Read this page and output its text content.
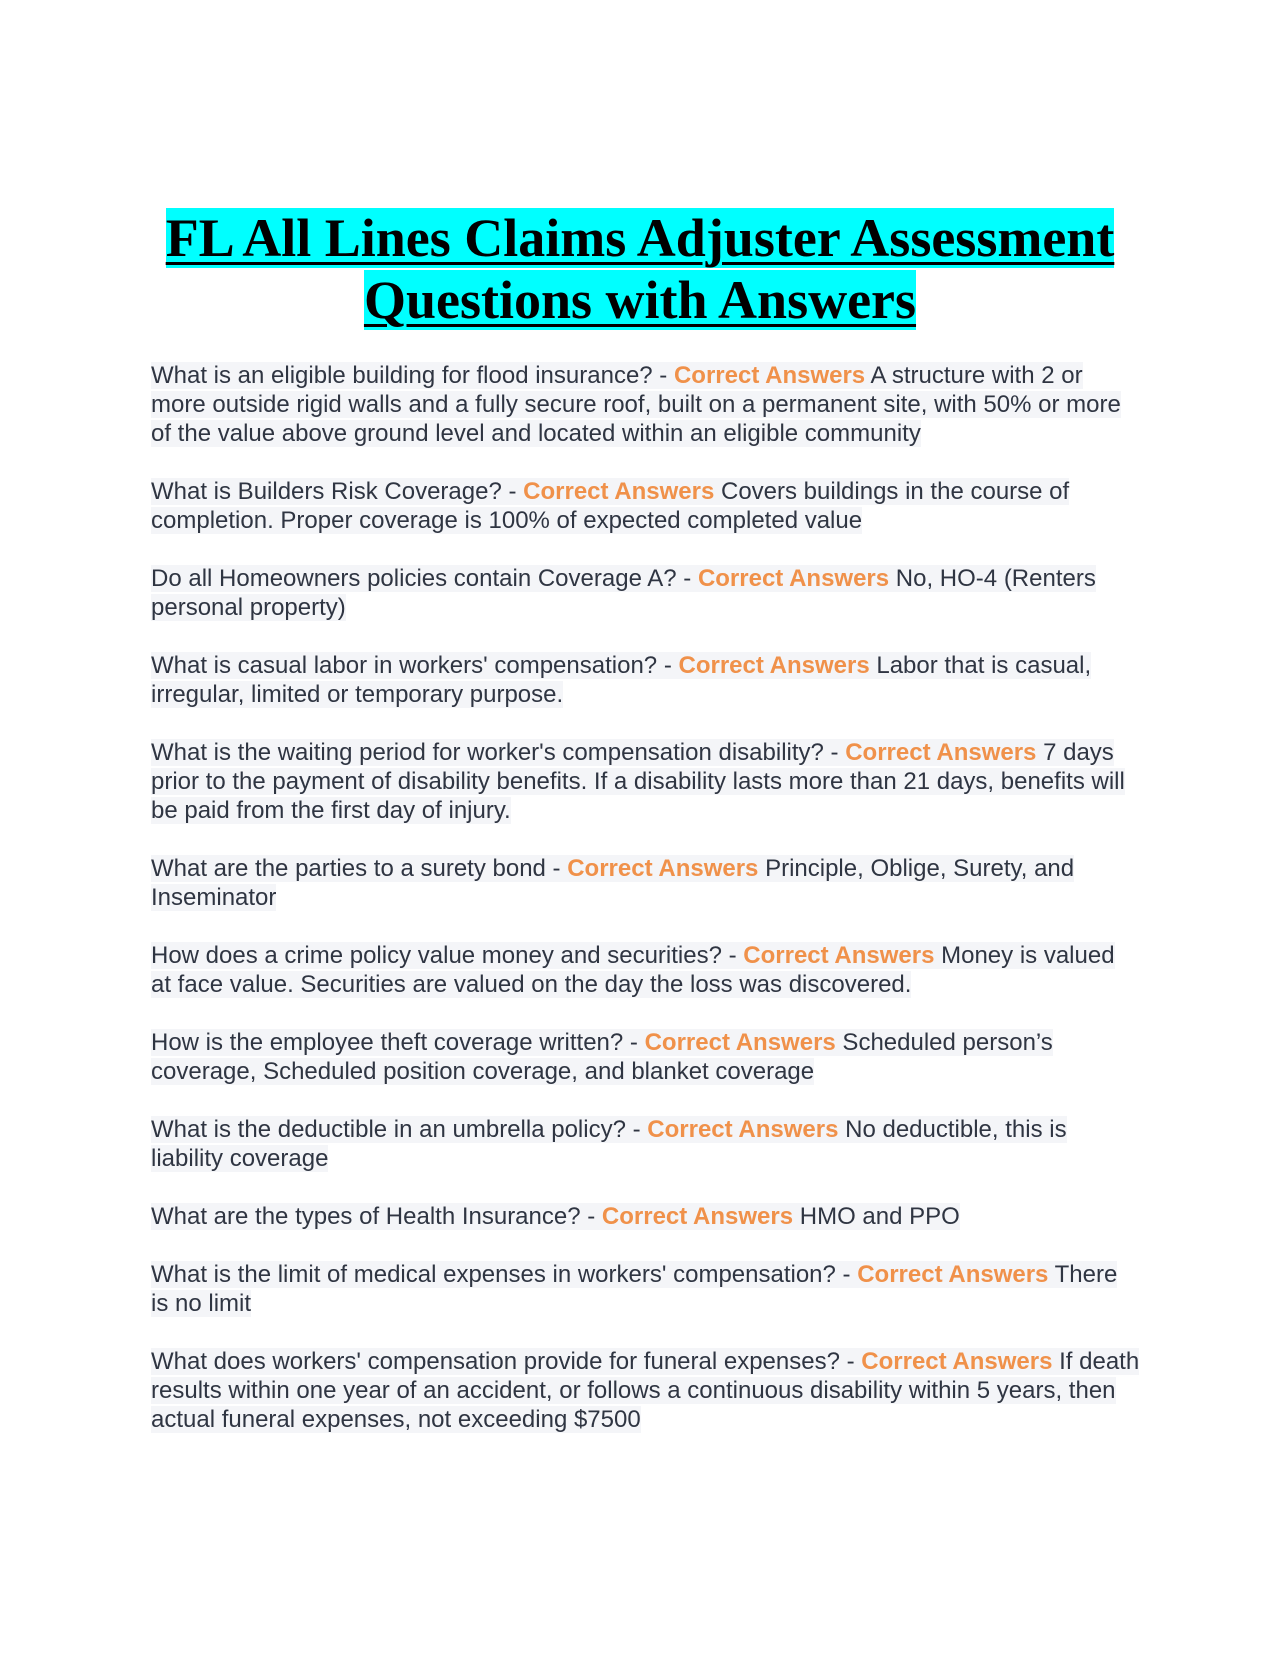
FL All Lines Claims Adjuster Assessment
Questions with Answers

What is an eligible building for flood insurance? - Correct Answers A structure with 2 or more outside rigid walls and a fully secure roof, built on a permanent site, with 50% or more of the value above ground level and located within an eligible community

What is Builders Risk Coverage? - Correct Answers Covers buildings in the course of completion. Proper coverage is 100% of expected completed value

Do all Homeowners policies contain Coverage A? - Correct Answers No, HO-4 (Renters personal property)

What is casual labor in workers' compensation? - Correct Answers Labor that is casual, irregular, limited or temporary purpose.

What is the waiting period for worker's compensation disability? - Correct Answers 7 days prior to the payment of disability benefits. If a disability lasts more than 21 days, benefits will be paid from the first day of injury.

What are the parties to a surety bond - Correct Answers Principle, Oblige, Surety, and Inseminator

How does a crime policy value money and securities? - Correct Answers Money is valued at face value. Securities are valued on the day the loss was discovered.

How is the employee theft coverage written? - Correct Answers Scheduled person’s coverage, Scheduled position coverage, and blanket coverage

What is the deductible in an umbrella policy? - Correct Answers No deductible, this is liability coverage

What are the types of Health Insurance? - Correct Answers HMO and PPO

What is the limit of medical expenses in workers' compensation? - Correct Answers There is no limit

What does workers' compensation provide for funeral expenses? - Correct Answers If death results within one year of an accident, or follows a continuous disability within 5 years, then actual funeral expenses, not exceeding $7500
